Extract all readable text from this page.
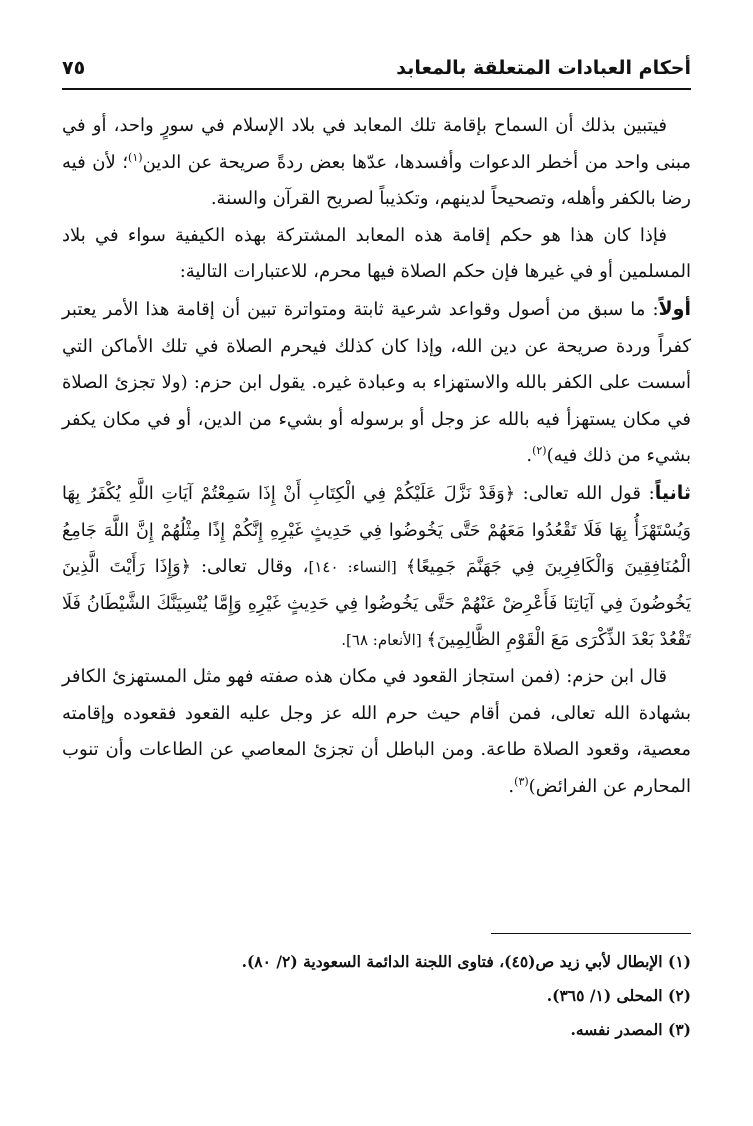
أحكام العبادات المتعلقة بالمعابد
٧٥

فيتبين بذلك أن السماح بإقامة تلك المعابد في بلاد الإسلام في سورٍ واحد، أو في مبنى واحد من أخطر الدعوات وأفسدها، عدّها بعض ردةً صريحة عن الدين$^{(١)}$؛ لأن فيه رضا بالكفر وأهله، وتصحيحاً لدينهم، وتكذيباً لصريح القرآن والسنة.

فإذا كان هذا هو حكم إقامة هذه المعابد المشتركة بهذه الكيفية سواء في بلاد المسلمين أو في غيرها فإن حكم الصلاة فيها محرم، للاعتبارات التالية:

أولاً: ما سبق من أصول وقواعد شرعية ثابتة ومتواترة تبين أن إقامة هذا الأمر يعتبر كفراً وردة صريحة عن دين الله، وإذا كان كذلك فيحرم الصلاة في تلك الأماكن التي أسست على الكفر بالله والاستهزاء به وعبادة غيره. يقول ابن حزم: (ولا تجزئ الصلاة في مكان يستهزأ فيه بالله عز وجل أو برسوله أو بشيء من الدين، أو في مكان يكفر بشيء من ذلك فيه)$^{(٢)}$.

ثانياً: قول الله تعالى: ﴿وَقَدْ نَزَّلَ عَلَيْكُمْ فِي الْكِتَابِ أَنْ إِذَا سَمِعْتُمْ آيَاتِ اللَّهِ يُكْفَرُ بِهَا وَيُسْتَهْزَأُ بِهَا فَلَا تَقْعُدُوا مَعَهُمْ حَتَّى يَخُوضُوا فِي حَدِيثٍ غَيْرِهِ إِنَّكُمْ إِذًا مِثْلُهُمْ إِنَّ اللَّهَ جَامِعُ الْمُنَافِقِينَ وَالْكَافِرِينَ فِي جَهَنَّمَ جَمِيعًا﴾ [النساء: ١٤٠]، وقال تعالى: ﴿وَإِذَا رَأَيْتَ الَّذِينَ يَخُوضُونَ فِي آيَاتِنَا فَأَعْرِضْ عَنْهُمْ حَتَّى يَخُوضُوا فِي حَدِيثٍ غَيْرِهِ وَإِمَّا يُنْسِيَنَّكَ الشَّيْطَانُ فَلَا تَقْعُدْ بَعْدَ الذِّكْرَى مَعَ الْقَوْمِ الظَّالِمِينَ﴾ [الأنعام: ٦٨].

قال ابن حزم: (فمن استجاز القعود في مكان هذه صفته فهو مثل المستهزئ الكافر بشهادة الله تعالى، فمن أقام حيث حرم الله عز وجل عليه القعود فقعوده وإقامته معصية، وقعود الصلاة طاعة. ومن الباطل أن تجزئ المعاصي عن الطاعات وأن تنوب المحارم عن الفرائض)$^{(٣)}$.

(١) الإبطال لأبي زيد ص(٤٥)، فتاوى اللجنة الدائمة السعودية (٢/ ٨٠).
(٢) المحلى (١/ ٣٦٥).
(٣) المصدر نفسه.
